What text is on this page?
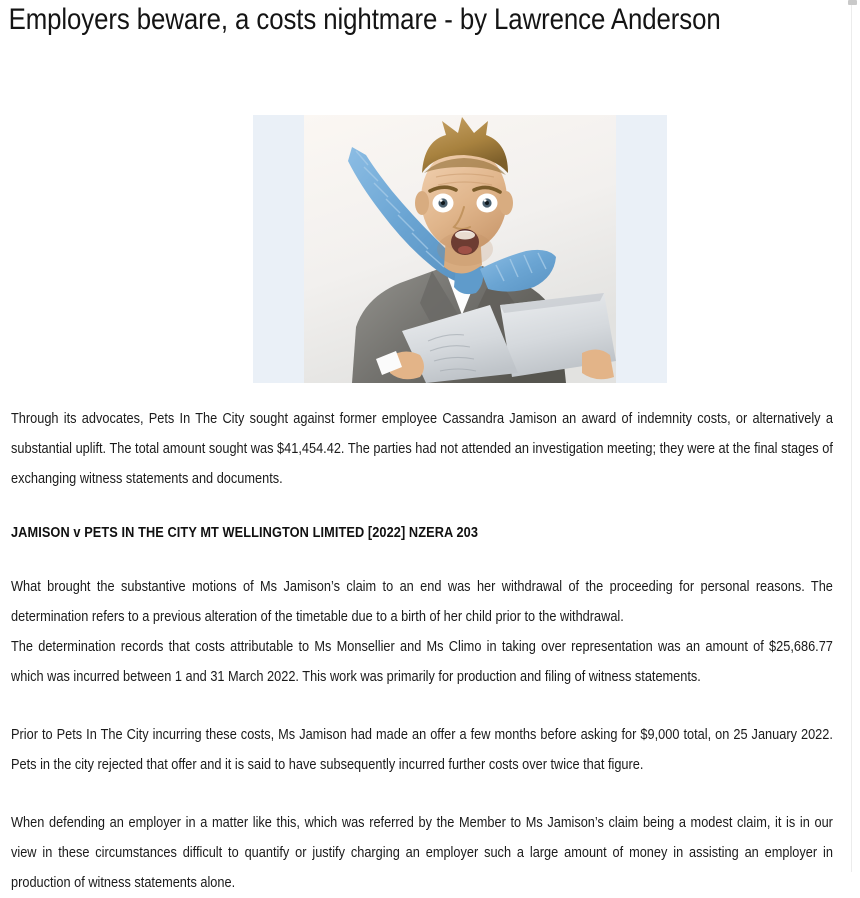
Employers beware, a costs nightmare - by Lawrence Anderson

Through its advocates, Pets In The City sought against former employee Cassandra Jamison an award of indemnity costs, or alternatively a substantial uplift. The total amount sought was $41,454.42. The parties had not attended an investigation meeting; they were at the final stages of exchanging witness statements and documents.

JAMISON v PETS IN THE CITY MT WELLINGTON LIMITED [2022] NZERA 203

What brought the substantive motions of Ms Jamison’s claim to an end was her withdrawal of the proceeding for personal reasons. The determination refers to a previous alteration of the timetable due to a birth of her child prior to the withdrawal.

The determination records that costs attributable to Ms Monsellier and Ms Climo in taking over representation was an amount of $25,686.77 which was incurred between 1 and 31 March 2022. This work was primarily for production and filing of witness statements.

Prior to Pets In The City incurring these costs, Ms Jamison had made an offer a few months before asking for $9,000 total, on 25 January 2022. Pets in the city rejected that offer and it is said to have subsequently incurred further costs over twice that figure.

When defending an employer in a matter like this, which was referred by the Member to Ms Jamison’s claim being a modest claim, it is in our view in these circumstances difficult to quantify or justify charging an employer such a large amount of money in assisting an employer in production of witness statements alone.
